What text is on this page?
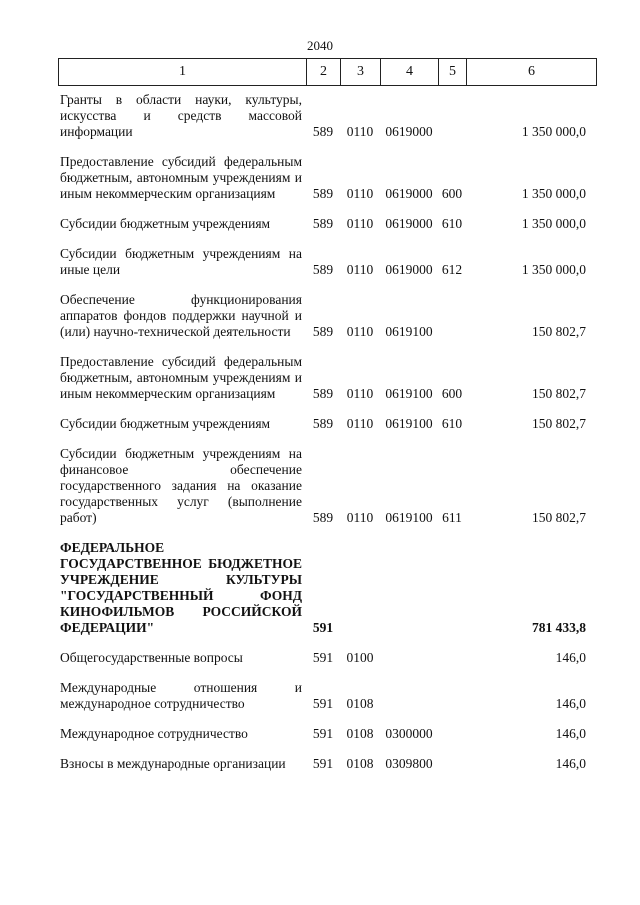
2040
1	2	3	4	5	6
Гранты в области науки, культуры, искусства и средств массовой информации	589	0110	0619000		1 350 000,0
Предоставление субсидий федеральным бюджетным, автономным учреждениям и иным некоммерческим организациям	589	0110	0619000	600	1 350 000,0
Субсидии бюджетным учреждениям	589	0110	0619000	610	1 350 000,0
Субсидии бюджетным учреждениям на иные цели	589	0110	0619000	612	1 350 000,0
Обеспечение функционирования аппаратов фондов поддержки научной и (или) научно-технической деятельности	589	0110	0619100		150 802,7
Предоставление субсидий федеральным бюджетным, автономным учреждениям и иным некоммерческим организациям	589	0110	0619100	600	150 802,7
Субсидии бюджетным учреждениям	589	0110	0619100	610	150 802,7
Субсидии бюджетным учреждениям на финансовое обеспечение государственного задания на оказание государственных услуг (выполнение работ)	589	0110	0619100	611	150 802,7
ФЕДЕРАЛЬНОЕ ГОСУДАРСТВЕННОЕ БЮДЖЕТНОЕ УЧРЕЖДЕНИЕ КУЛЬТУРЫ "ГОСУДАРСТВЕННЫЙ ФОНД КИНОФИЛЬМОВ РОССИЙСКОЙ ФЕДЕРАЦИИ"	591				781 433,8
Общегосударственные вопросы	591	0100			146,0
Международные отношения и международное сотрудничество	591	0108			146,0
Международное сотрудничество	591	0108	0300000		146,0
Взносы в международные организации	591	0108	0309800		146,0
